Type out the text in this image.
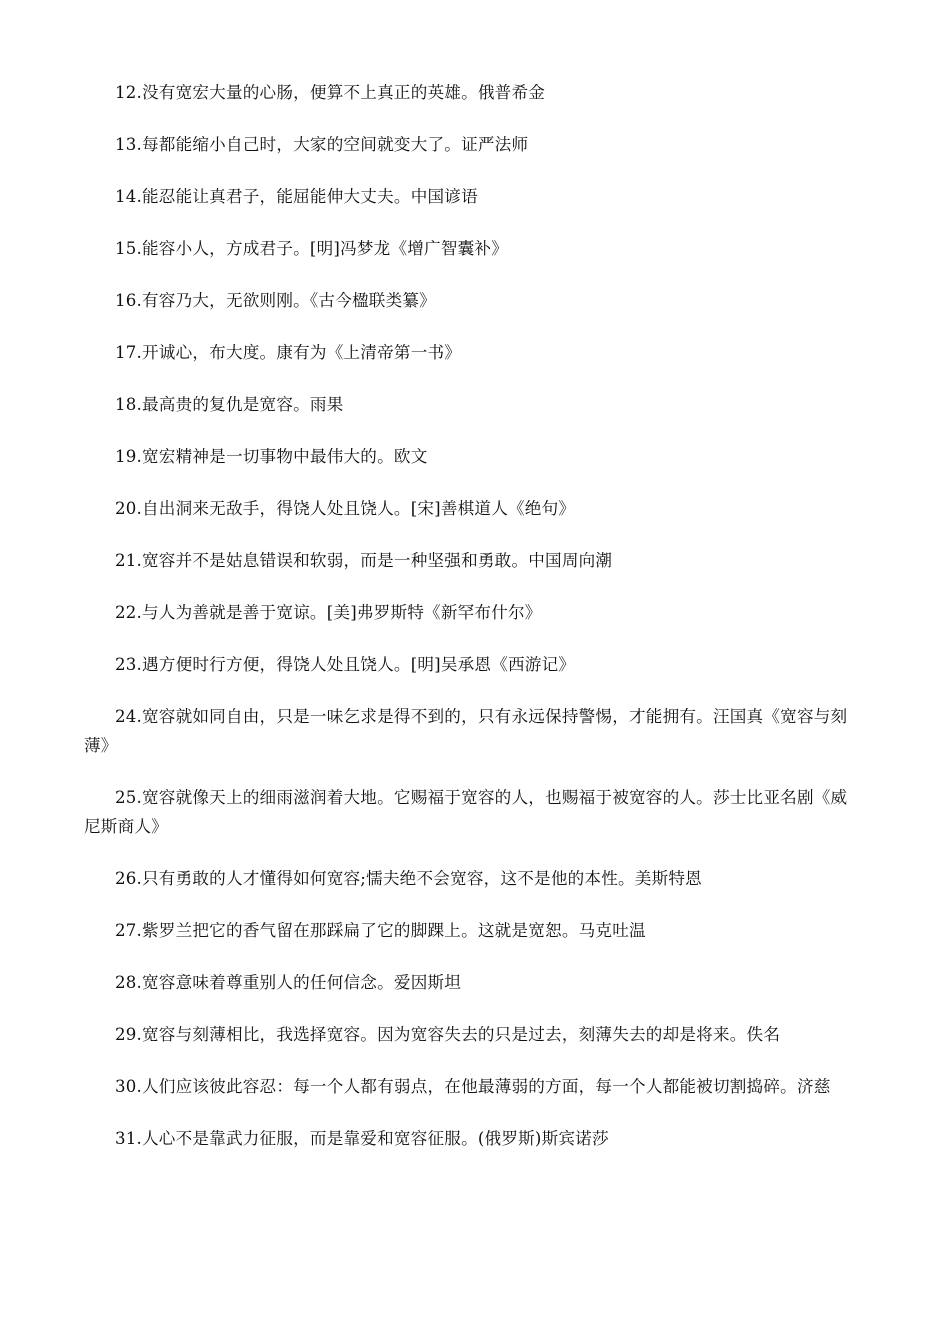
12.没有宽宏大量的心肠，便算不上真正的英雄。俄普希金

13.每都能缩小自己时，大家的空间就变大了。证严法师

14.能忍能让真君子，能屈能伸大丈夫。中国谚语

15.能容小人，方成君子。[明]冯梦龙《增广智囊补》

16.有容乃大，无欲则刚。《古今楹联类纂》

17.开诚心，布大度。康有为《上清帝第一书》

18.最高贵的复仇是宽容。雨果

19.宽宏精神是一切事物中最伟大的。欧文

20.自出洞来无敌手，得饶人处且饶人。[宋]善棋道人《绝句》

21.宽容并不是姑息错误和软弱，而是一种坚强和勇敢。中国周向潮

22.与人为善就是善于宽谅。[美]弗罗斯特《新罕布什尔》

23.遇方便时行方便，得饶人处且饶人。[明]吴承恩《西游记》

24.宽容就如同自由，只是一味乞求是得不到的，只有永远保持警惕，才能拥有。汪国真《宽容与刻薄》

25.宽容就像天上的细雨滋润着大地。它赐福于宽容的人，也赐福于被宽容的人。莎士比亚名剧《威尼斯商人》

26.只有勇敢的人才懂得如何宽容;懦夫绝不会宽容，这不是他的本性。美斯特恩

27.紫罗兰把它的香气留在那踩扁了它的脚踝上。这就是宽恕。马克吐温

28.宽容意味着尊重别人的任何信念。爱因斯坦

29.宽容与刻薄相比，我选择宽容。因为宽容失去的只是过去，刻薄失去的却是将来。佚名

30.人们应该彼此容忍：每一个人都有弱点，在他最薄弱的方面，每一个人都能被切割捣碎。济慈

31.人心不是靠武力征服，而是靠爱和宽容征服。(俄罗斯)斯宾诺莎
